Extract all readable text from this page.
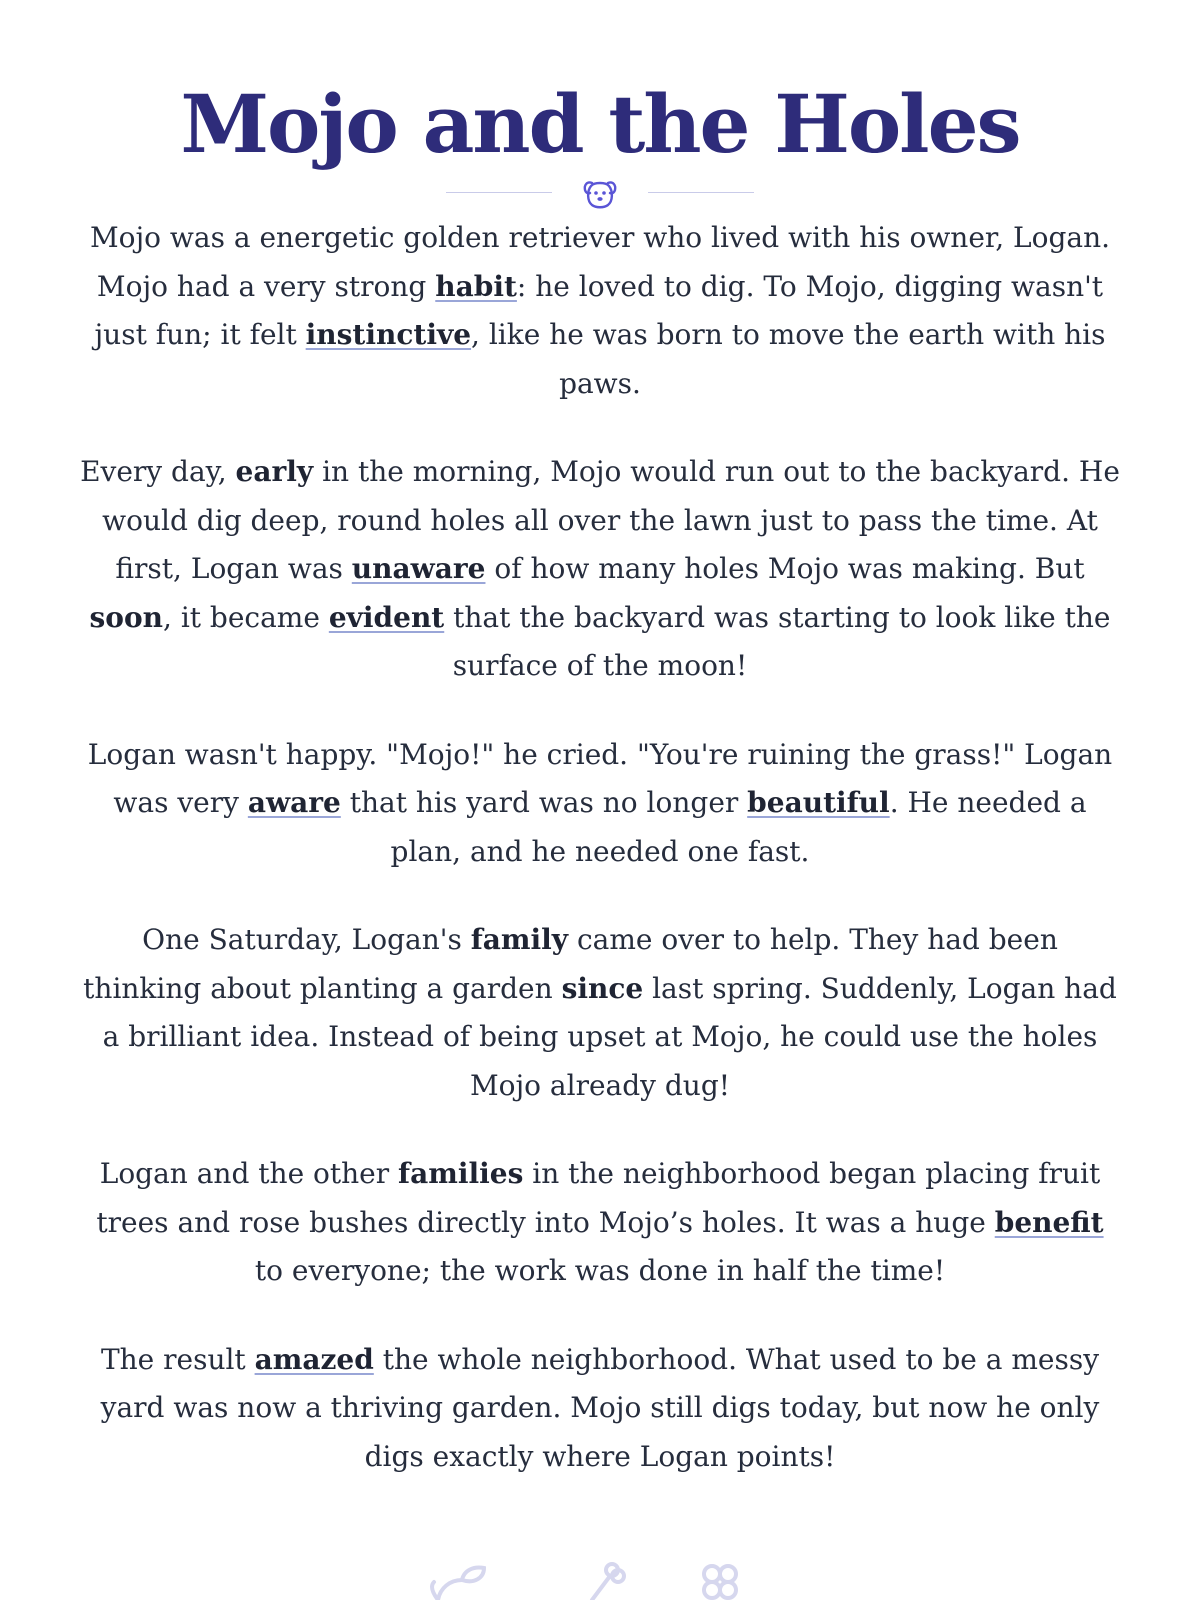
Mojo and the Holes

Mojo was a energetic golden retriever who lived with his owner, Logan. Mojo had a very strong habit: he loved to dig. To Mojo, digging wasn't just fun; it felt instinctive, like he was born to move the earth with his paws.

Every day, early in the morning, Mojo would run out to the backyard. He would dig deep, round holes all over the lawn just to pass the time. At first, Logan was unaware of how many holes Mojo was making. But soon, it became evident that the backyard was starting to look like the surface of the moon!

Logan wasn't happy. "Mojo!" he cried. "You're ruining the grass!" Logan was very aware that his yard was no longer beautiful. He needed a plan, and he needed one fast.

One Saturday, Logan's family came over to help. They had been thinking about planting a garden since last spring. Suddenly, Logan had a brilliant idea. Instead of being upset at Mojo, he could use the holes Mojo already dug!

Logan and the other families in the neighborhood began placing fruit trees and rose bushes directly into Mojo’s holes. It was a huge benefit to everyone; the work was done in half the time!

The result amazed the whole neighborhood. What used to be a messy yard was now a thriving garden. Mojo still digs today, but now he only digs exactly where Logan points!
